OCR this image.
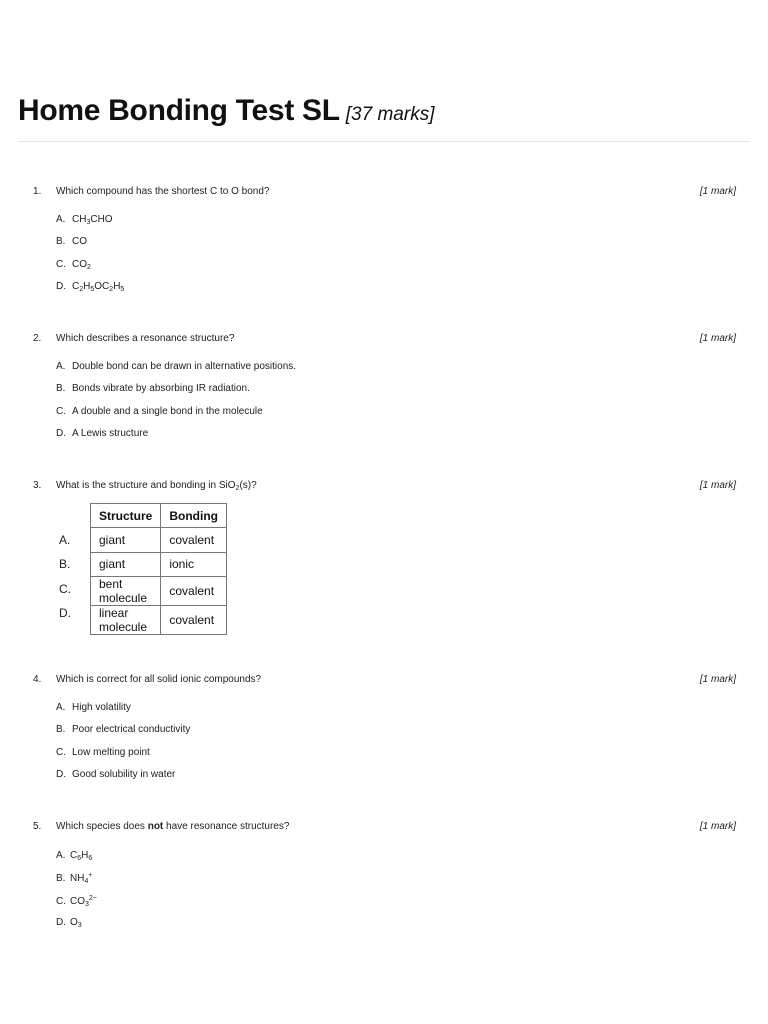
Home Bonding Test SL [37 marks]
1. Which compound has the shortest C to O bond?	[1 mark]
A. $CH_3CHO$
B. CO
C. $CO_2$
D. $C_2H_5OC_2H_5$
2. Which describes a resonance structure?	[1 mark]
A. Double bond can be drawn in alternative positions.
B. Bonds vibrate by absorbing IR radiation.
C. A double and a single bond in the molecule
D. A Lewis structure
3. What is the structure and bonding in SiO$_2$(s)?	[1 mark]
A.
B.
C.
D.
Structure	Bonding
giant	covalent
giant	ionic
bent molecule	covalent
linear molecule	covalent
4. Which is correct for all solid ionic compounds?	[1 mark]
A. High volatility
B. Poor electrical conductivity
C. Low melting point
D. Good solubility in water
5. Which species does not have resonance structures?	[1 mark]
A. $C_6H_6$
B. $NH_4^+$
C. $CO_3^{2-}$
D. $O_3$
